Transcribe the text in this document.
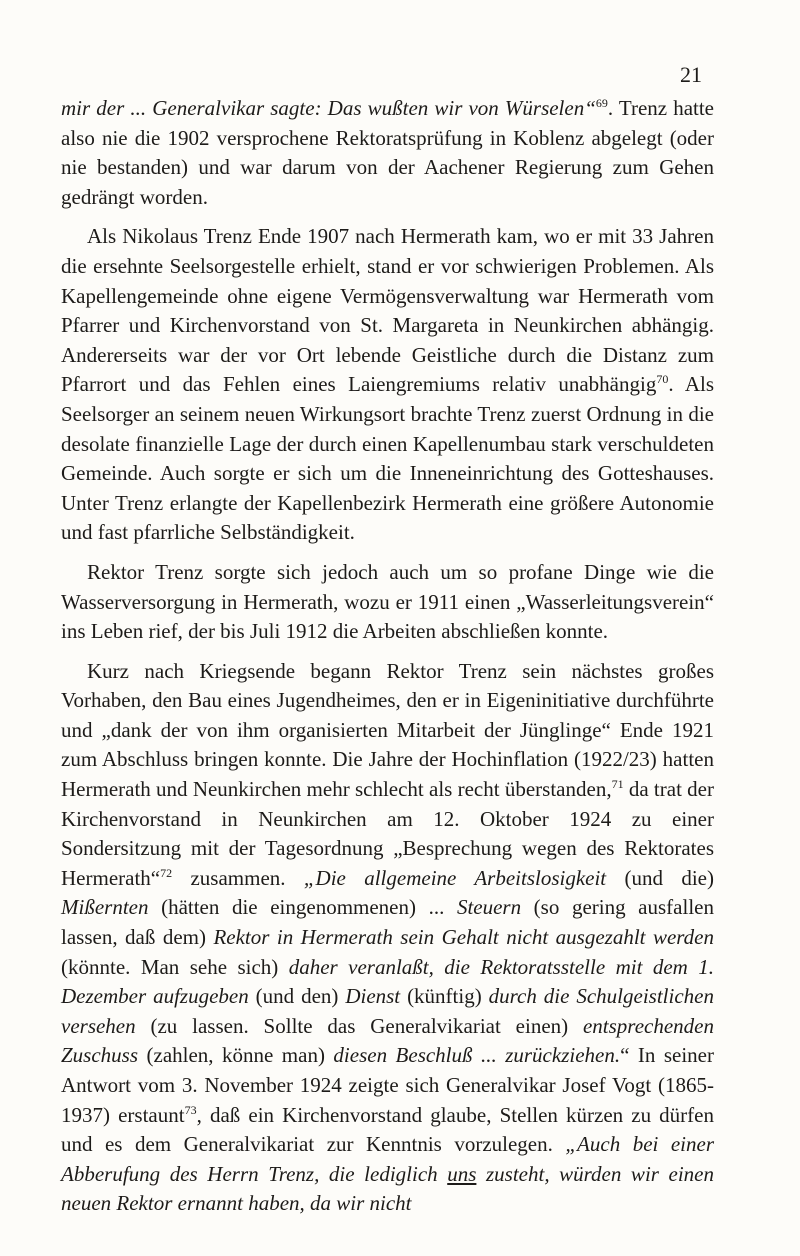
21

mir der ... Generalvikar sagte: Das wußten wir von Würselen“$^{69}$. Trenz hatte also nie die 1902 versprochene Rektoratsprüfung in Koblenz abgelegt (oder nie bestanden) und war darum von der Aachener Regierung zum Gehen gedrängt worden.

Als Nikolaus Trenz Ende 1907 nach Hermerath kam, wo er mit 33 Jahren die ersehnte Seelsorgestelle erhielt, stand er vor schwierigen Problemen. Als Kapellengemeinde ohne eigene Vermögensverwaltung war Hermerath vom Pfarrer und Kirchenvorstand von St. Margareta in Neunkirchen abhängig. Andererseits war der vor Ort lebende Geistliche durch die Distanz zum Pfarrort und das Fehlen eines Laiengremiums relativ unabhängig$^{70}$. Als Seelsorger an seinem neuen Wirkungsort brachte Trenz zuerst Ordnung in die desolate finanzielle Lage der durch einen Kapellenumbau stark verschuldeten Gemeinde. Auch sorgte er sich um die Inneneinrichtung des Gotteshauses. Unter Trenz erlangte der Kapellenbezirk Hermerath eine größere Autonomie und fast pfarrliche Selbständigkeit.

Rektor Trenz sorgte sich jedoch auch um so profane Dinge wie die Wasserversorgung in Hermerath, wozu er 1911 einen „Wasserleitungsverein“ ins Leben rief, der bis Juli 1912 die Arbeiten abschließen konnte.

Kurz nach Kriegsende begann Rektor Trenz sein nächstes großes Vorhaben, den Bau eines Jugendheimes, den er in Eigeninitiative durchführte und „dank der von ihm organisierten Mitarbeit der Jünglinge“ Ende 1921 zum Abschluss bringen konnte. Die Jahre der Hochinflation (1922/23) hatten Hermerath und Neunkirchen mehr schlecht als recht überstanden,$^{71}$ da trat der Kirchenvorstand in Neunkirchen am 12. Oktober 1924 zu einer Sondersitzung mit der Tagesordnung „Besprechung wegen des Rektorates Hermerath“$^{72}$ zusammen. „Die allgemeine Arbeitslosigkeit (und die) Mißernten (hätten die eingenommenen) ... Steuern (so gering ausfallen lassen, daß dem) Rektor in Hermerath sein Gehalt nicht ausgezahlt werden (könnte. Man sehe sich) daher veranlaßt, die Rektoratsstelle mit dem 1. Dezember aufzugeben (und den) Dienst (künftig) durch die Schulgeistlichen versehen (zu lassen. Sollte das Generalvikariat einen) entsprechenden Zuschuss (zahlen, könne man) diesen Beschluß ... zurückziehen.“ In seiner Antwort vom 3. November 1924 zeigte sich Generalvikar Josef Vogt (1865-1937) erstaunt$^{73}$, daß ein Kirchenvorstand glaube, Stellen kürzen zu dürfen und es dem Generalvikariat zur Kenntnis vorzulegen. „Auch bei einer Abberufung des Herrn Trenz, die lediglich uns zusteht, würden wir einen neuen Rektor ernannt haben, da wir nicht
